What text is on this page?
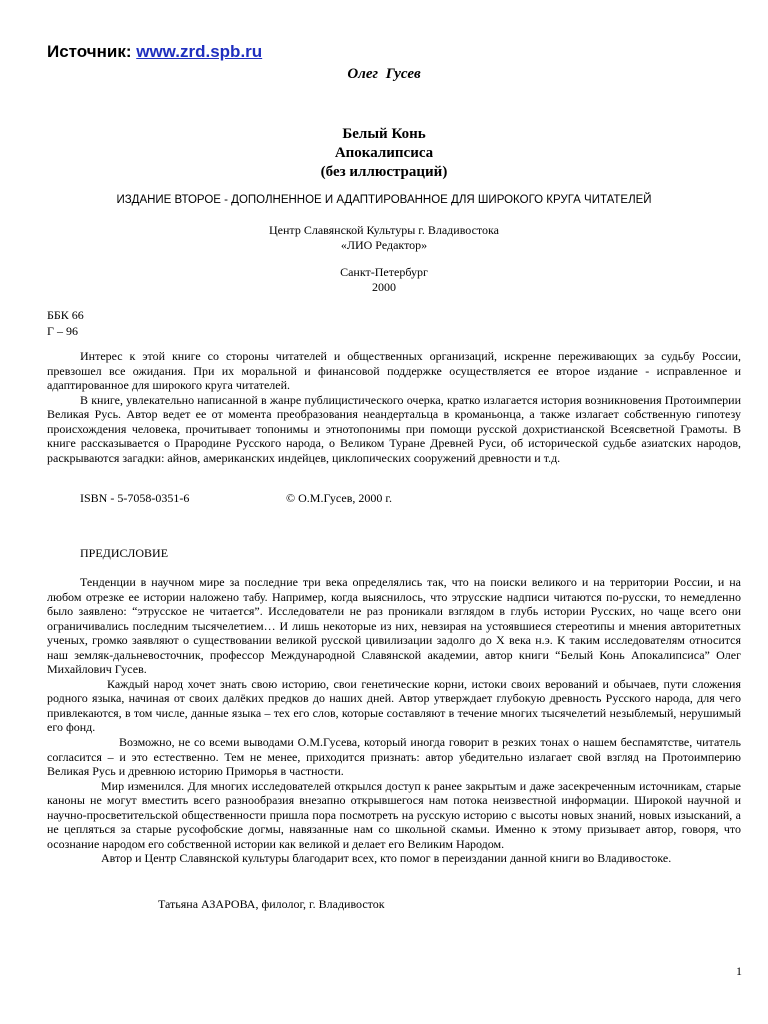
Источник: www.zrd.spb.ru
Олег Гусев
Белый Конь
Апокалипсиса
(без иллюстраций)
ИЗДАНИЕ ВТОРОЕ - ДОПОЛНЕННОЕ И АДАПТИРОВАННОЕ ДЛЯ ШИРОКОГО КРУГА ЧИТАТЕЛЕЙ
Центр Славянской Культуры г. Владивостока
«ЛИО Редактор»
Санкт-Петербург
2000
ББК 66
Г – 96

Интерес к этой книге со стороны читателей и общественных организаций, искренне переживающих за судьбу России, превзошел все ожидания. При их моральной и финансовой поддержке осуществляется ее второе издание - исправленное и адаптированное для широкого круга читателей.

В книге, увлекательно написанной в жанре публицистического очерка, кратко излагается история возникновения Протоимперии Великая Русь. Автор ведет ее от момента преобразования неандертальца в кроманьонца, а также излагает собственную гипотезу происхождения человека, прочитывает топонимы и этнотопонимы при помощи русской дохристианской Всеясветной Грамоты. В книге рассказывается о Прародине Русского народа, о Великом Туране Древней Руси, об исторической судьбе азиатских народов, раскрываются загадки: айнов, американских индейцев, циклопических сооружений древности и т.д.

ISBN - 5-7058-0351-6	© О.М.Гусев, 2000 г.
ПРЕДИСЛОВИЕ

Тенденции в научном мире за последние три века определялись так, что на поиски великого и на территории России, и на любом отрезке ее истории наложено табу. Например, когда выяснилось, что этрусские надписи читаются по-русски, то немедленно было заявлено: “этрусское не читается”. Исследователи не раз проникали взглядом в глубь истории Русских, но чаще всего они ограничивались последним тысячелетием… И лишь некоторые из них, невзирая на устоявшиеся стереотипы и мнения авторитетных ученых, громко заявляют о существовании великой русской цивилизации задолго до Х века н.э. К таким исследователям относится наш земляк-дальневосточник, профессор Международной Славянской академии, автор книги “Белый Конь Апокалипсиса” Олег Михайлович Гусев.

Каждый народ хочет знать свою историю, свои генетические корни, истоки своих верований и обычаев, пути сложения родного языка, начиная от своих далёких предков до наших дней. Автор утверждает глубокую древность Русского народа, для чего привлекаются, в том числе, данные языка – тех его слов, которые составляют в течение многих тысячелетий незыблемый, нерушимый его фонд.

Возможно, не со всеми выводами О.М.Гусева, который иногда говорит в резких тонах о нашем беспамятстве, читатель согласится – и это естественно. Тем не менее, приходится признать: автор убедительно излагает свой взгляд на Протоимперию Великая Русь и древнюю историю Приморья в частности.

Мир изменился. Для многих исследователей открылся доступ к ранее закрытым и даже засекреченным источникам, старые каноны не могут вместить всего разнообразия внезапно открывшегося нам потока неизвестной информации. Широкой научной и научно-просветительской общественности пришла пора посмотреть на русскую историю с высоты новых знаний, новых изысканий, а не цепляться за старые русофобские догмы, навязанные нам со школьной скамьи. Именно к этому призывает автор, говоря, что осознание народом его собственной истории как великой и делает его Великим Народом.

Автор и Центр Славянской культуры благодарит всех, кто помог в переиздании данной книги во Владивостоке.

Татьяна АЗАРОВА, филолог, г. Владивосток
1
